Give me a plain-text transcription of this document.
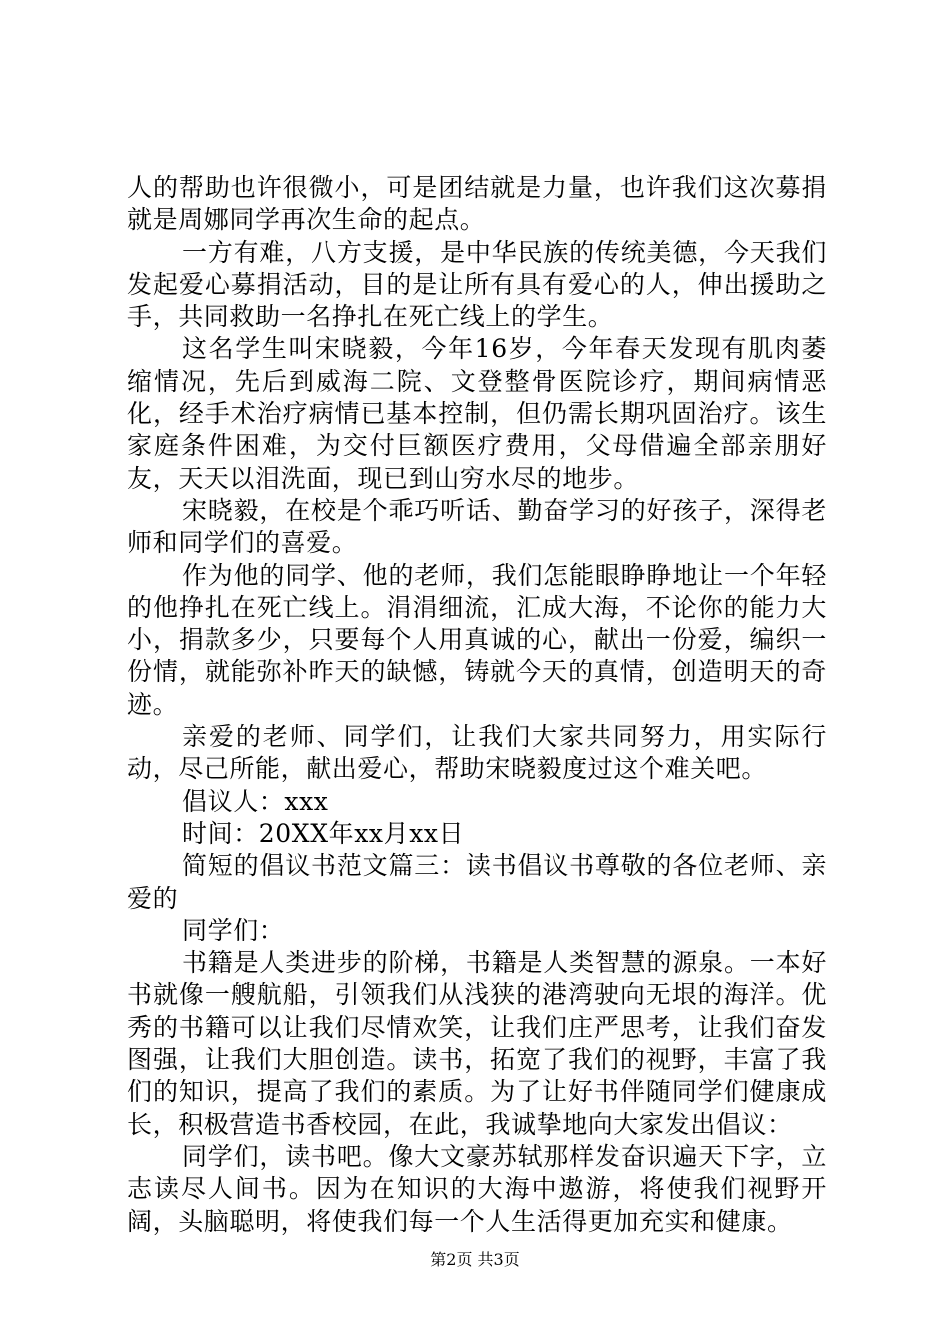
人的帮助也许很微小，可是团结就是力量，也许我们这次募捐就是周娜同学再次生命的起点。

一方有难，八方支援，是中华民族的传统美德，今天我们发起爱心募捐活动，目的是让所有具有爱心的人，伸出援助之手，共同救助一名挣扎在死亡线上的学生。

这名学生叫宋晓毅，今年16岁，今年春天发现有肌肉萎缩情况，先后到威海二院、文登整骨医院诊疗，期间病情恶化，经手术治疗病情已基本控制，但仍需长期巩固治疗。该生家庭条件困难，为交付巨额医疗费用，父母借遍全部亲朋好友，天天以泪洗面，现已到山穷水尽的地步。

宋晓毅，在校是个乖巧听话、勤奋学习的好孩子，深得老师和同学们的喜爱。

作为他的同学、他的老师，我们怎能眼睁睁地让一个年轻的他挣扎在死亡线上。涓涓细流，汇成大海，不论你的能力大小，捐款多少，只要每个人用真诚的心，献出一份爱，编织一份情，就能弥补昨天的缺憾，铸就今天的真情，创造明天的奇迹。

亲爱的老师、同学们，让我们大家共同努力，用实际行动，尽己所能，献出爱心，帮助宋晓毅度过这个难关吧。

倡议人：xxx

时间：20XX年xx月xx日

简短的倡议书范文篇三：读书倡议书尊敬的各位老师、亲爱的

同学们：

书籍是人类进步的阶梯，书籍是人类智慧的源泉。一本好书就像一艘航船，引领我们从浅狭的港湾驶向无垠的海洋。优秀的书籍可以让我们尽情欢笑，让我们庄严思考，让我们奋发图强，让我们大胆创造。读书，拓宽了我们的视野，丰富了我们的知识，提高了我们的素质。为了让好书伴随同学们健康成长，积极营造书香校园，在此，我诚挚地向大家发出倡议：

同学们，读书吧。像大文豪苏轼那样发奋识遍天下字，立志读尽人间书。因为在知识的大海中遨游，将使我们视野开阔，头脑聪明，将使我们每一个人生活得更加充实和健康。

第2页 共3页
